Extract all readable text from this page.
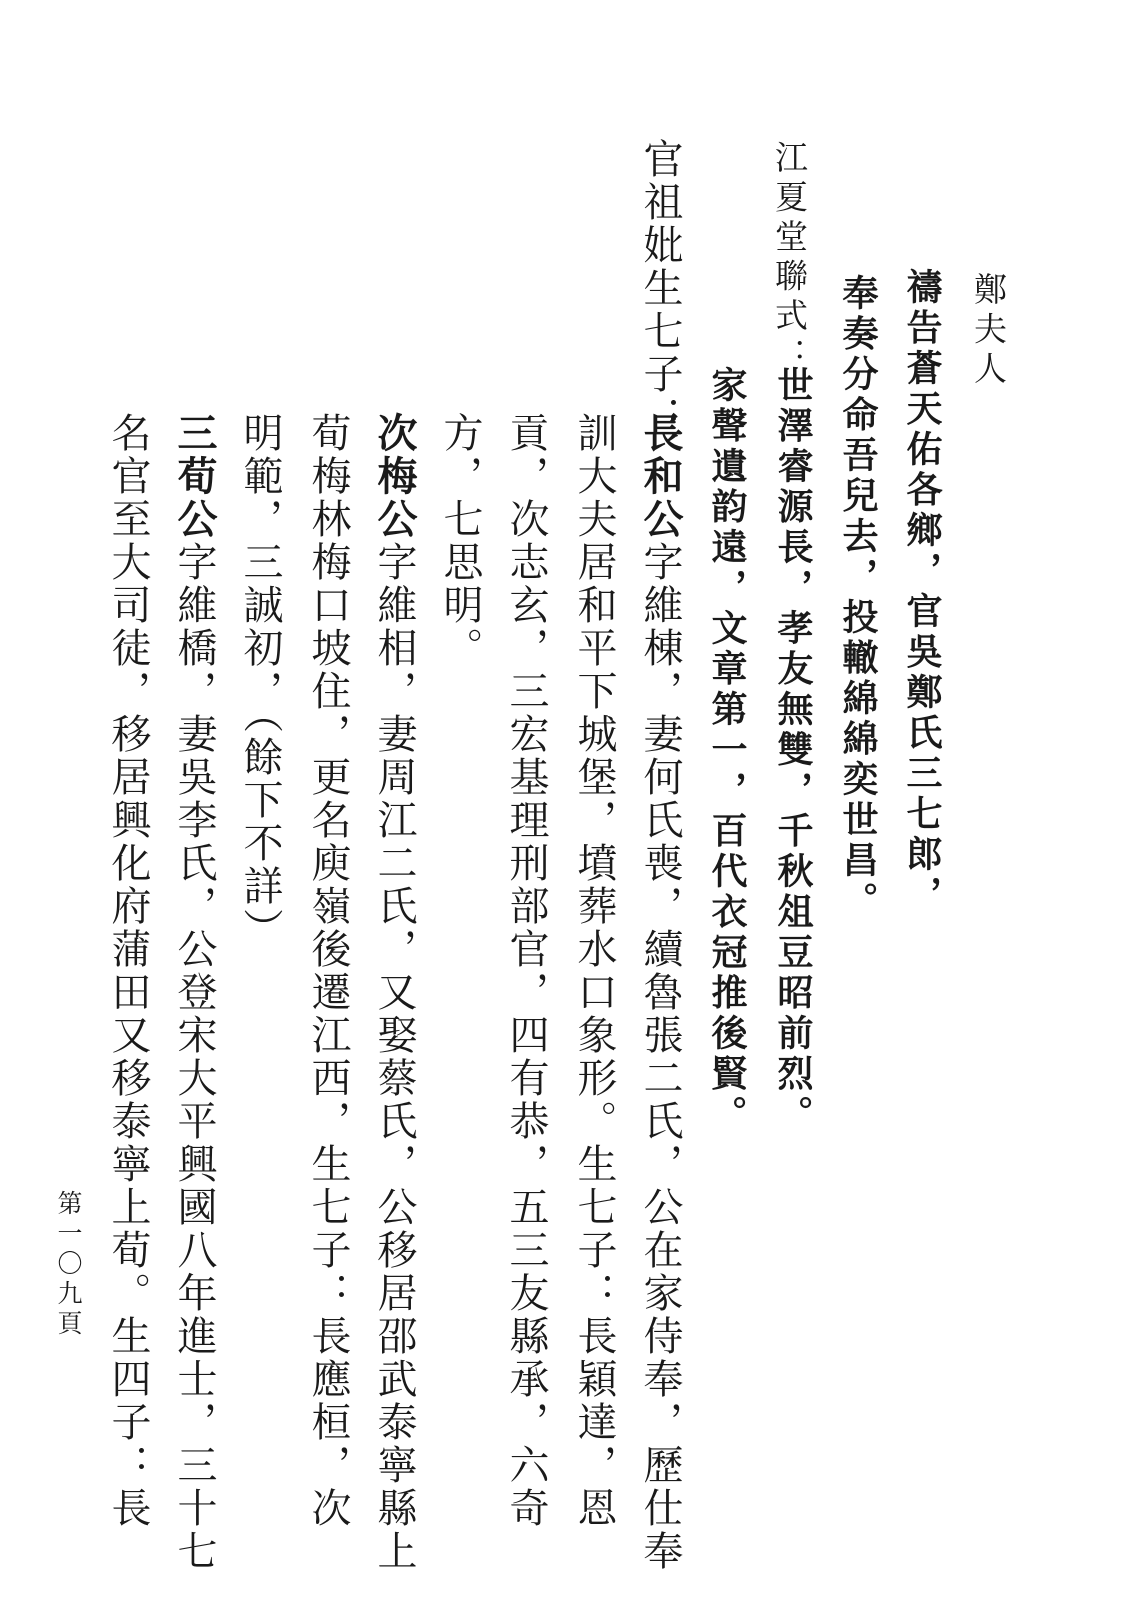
鄭夫人
禱告蒼天佑各鄉，官吳鄭氏三七郎，
奉奏分命吾兒去，投轍綿綿奕世昌。
江夏堂聯式：
世澤睿源長，孝友無雙，千秋俎豆昭前烈。
家聲遺韵遠，文章第一，百代衣冠推後賢。
官祖妣生七子：
長和公字維棟，妻何氏喪，續魯張二氏，公在家侍奉，歷仕奉
訓大夫居和平下城堡，墳葬水口象形。生七子：長穎達，恩
貢，次志玄，三宏基理刑部官，四有恭，五三友縣承，六奇
方，七思明。
次梅公字維相，妻周江二氏，又娶蔡氏，公移居邵武泰寧縣上
荀梅林梅口坡住，更名庾嶺後遷江西，生七子：長應桓，次
明範，三誠初，（餘下不詳）
三荀公字維橋，妻吳李氏，公登宋大平興國八年進士，三十七
名官至大司徒，移居興化府蒲田又移泰寧上荀。生四子：長
第一〇九頁
